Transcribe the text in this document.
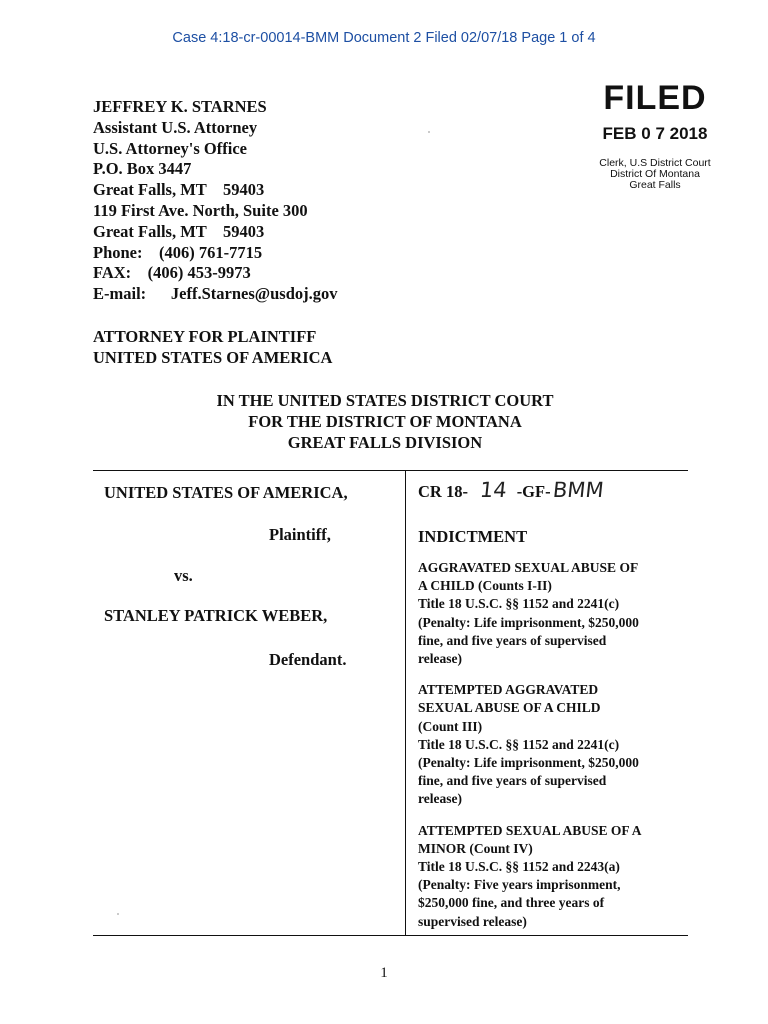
Case 4:18-cr-00014-BMM Document 2 Filed 02/07/18 Page 1 of 4
JEFFREY K. STARNES
Assistant U.S. Attorney
U.S. Attorney's Office
P.O. Box 3447
Great Falls, MT    59403
119 First Ave. North, Suite 300
Great Falls, MT    59403
Phone:    (406) 761-7715
FAX:    (406) 453-9973
E-mail:      Jeff.Starnes@usdoj.gov
FILED
FEB 0 7 2018
Clerk, U.S District Court
District Of Montana
Great Falls
ATTORNEY FOR PLAINTIFF
UNITED STATES OF AMERICA
IN THE UNITED STATES DISTRICT COURT
FOR THE DISTRICT OF MONTANA
GREAT FALLS DIVISION
UNITED STATES OF AMERICA,
Plaintiff,
vs.
STANLEY PATRICK WEBER,
Defendant.
CR 18- 14 -GF- BMM
INDICTMENT
AGGRAVATED SEXUAL ABUSE OF
A CHILD (Counts I-II)
Title 18 U.S.C. §§ 1152 and 2241(c)
(Penalty: Life imprisonment, $250,000
fine, and five years of supervised
release)
ATTEMPTED AGGRAVATED
SEXUAL ABUSE OF A CHILD
(Count III)
Title 18 U.S.C. §§ 1152 and 2241(c)
(Penalty: Life imprisonment, $250,000
fine, and five years of supervised
release)
ATTEMPTED SEXUAL ABUSE OF A
MINOR (Count IV)
Title 18 U.S.C. §§ 1152 and 2243(a)
(Penalty: Five years imprisonment,
$250,000 fine, and three years of
supervised release)
1
